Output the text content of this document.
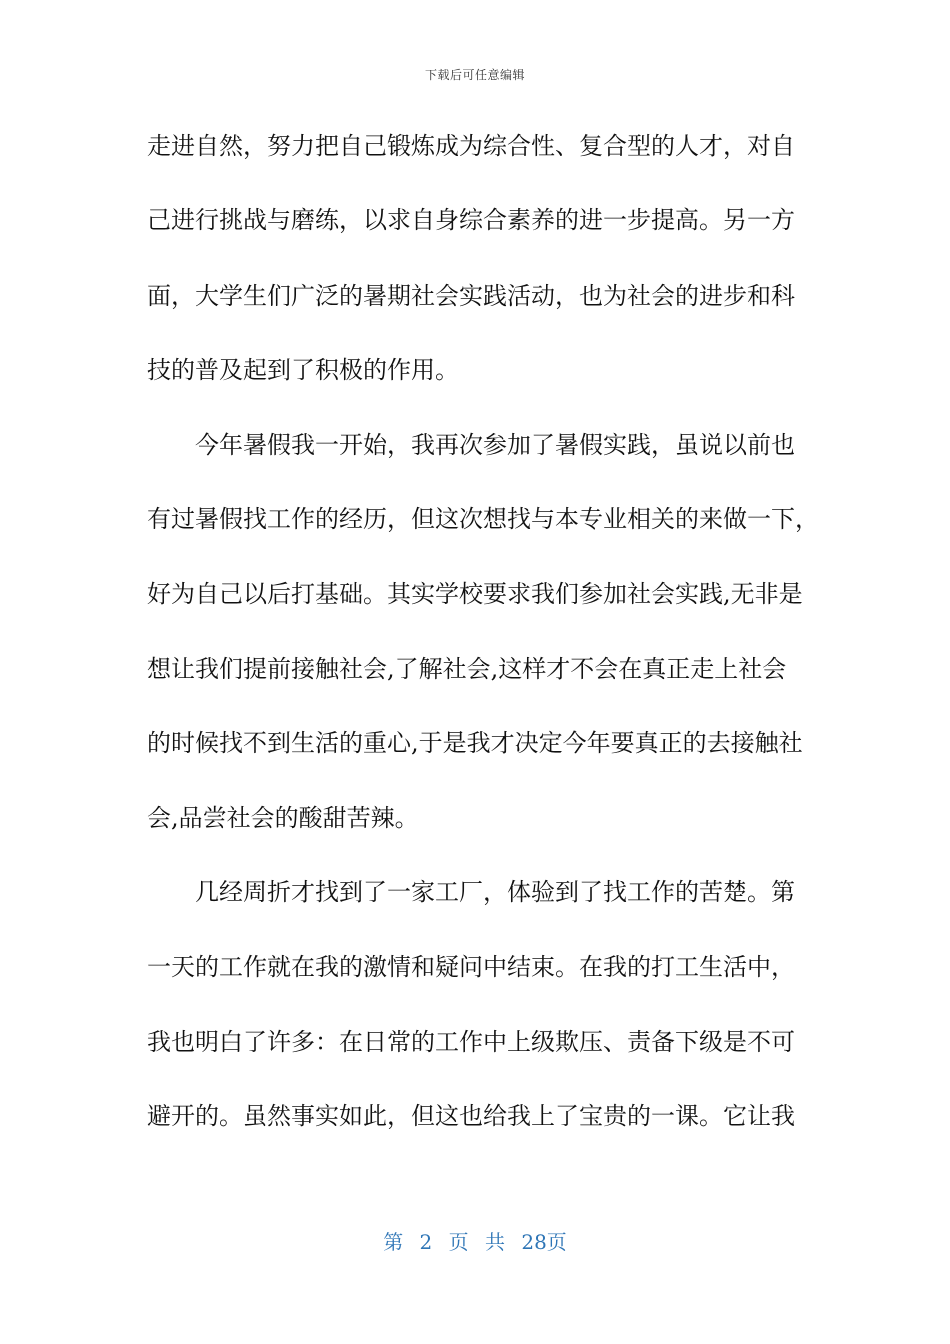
下载后可任意编辑
走进自然，努力把自己锻炼成为综合性、复合型的人才，对自
己进行挑战与磨练，以求自身综合素养的进一步提高。另一方
面，大学生们广泛的暑期社会实践活动，也为社会的进步和科
技的普及起到了积极的作用。
今年暑假我一开始，我再次参加了暑假实践，虽说以前也
有过暑假找工作的经历，但这次想找与本专业相关的来做一下，
好为自己以后打基础。其实学校要求我们参加社会实践,无非是
想让我们提前接触社会,了解社会,这样才不会在真正走上社会
的时候找不到生活的重心,于是我才决定今年要真正的去接触社
会,品尝社会的酸甜苦辣。
几经周折才找到了一家工厂，体验到了找工作的苦楚。第
一天的工作就在我的激情和疑问中结束。在我的打工生活中，
我也明白了许多：在日常的工作中上级欺压、责备下级是不可
避开的。虽然事实如此，但这也给我上了宝贵的一课。它让我
第 2 页 共 28页
